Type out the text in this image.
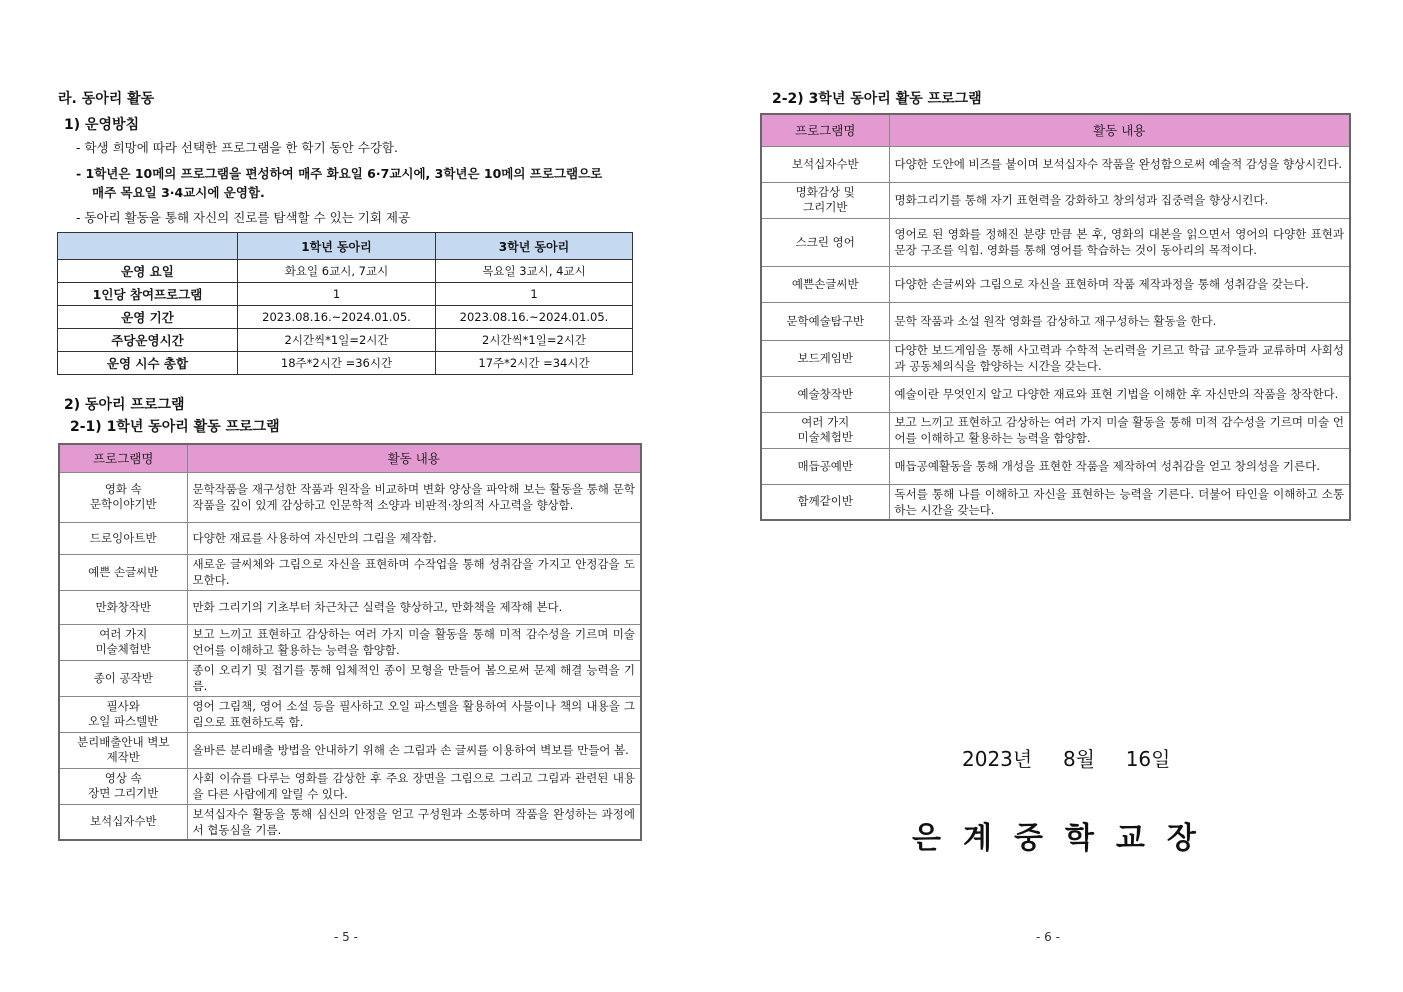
라. 동아리 활동
1) 운영방침
- 학생 희망에 따라 선택한 프로그램을 한 학기 동안 수강함.
- 1학년은 10메의 프로그램을 편성하여 매주 화요일 6·7교시에, 3학년은 10메의 프로그램으로
매주 목요일 3·4교시에 운영함.
- 동아리 활동을 통해 자신의 진로를 탐색할 수 있는 기회 제공
	1학년 동아리	3학년 동아리
운영 요일	화요일 6교시, 7교시	목요일 3교시, 4교시
1인당 참여프로그램	1	1
운영 기간	2023.08.16.~2024.01.05.	2023.08.16.~2024.01.05.
주당운영시간	2시간씩*1일=2시간	2시간씩*1일=2시간
운영 시수 총합	18주*2시간 =36시간	17주*2시간 =34시간
2) 동아리 프로그램
2-1) 1학년 동아리 활동 프로그램
프로그램명	활동 내용
영화 속
문학이야기반	문학작품을 재구성한 작품과 원작을 비교하며 변화 양상을 파악해 보는 활동을 통해 문학작품을 깊이 있게 감상하고 인문학적 소양과 비판적·창의적 사고력을 향상함.
드로잉아트반	다양한 재료를 사용하여 자신만의 그림을 제작함.
예쁜 손글씨반	새로운 글씨체와 그림으로 자신을 표현하며 수작업을 통해 성취감을 가지고 안정감을 도모한다.
만화창작반	만화 그리기의 기초부터 차근차근 실력을 향상하고, 만화책을 제작해 본다.
여러 가지
미술체험반	보고 느끼고 표현하고 감상하는 여러 가지 미술 활동을 통해 미적 감수성을 기르며 미술 언어를 이해하고 활용하는 능력을 함양함.
종이 공작반	종이 오리기 및 접기를 통해 입체적인 종이 모형을 만들어 봄으로써 문제 해결 능력을 기름.
필사와
오일 파스텔반	영어 그림책, 영어 소설 등을 필사하고 오일 파스텔을 활용하여 사물이나 책의 내용을 그림으로 표현하도록 함.
분리배출안내 벽보
제작반	올바른 분리배출 방법을 안내하기 위해 손 그림과 손 글씨를 이용하여 벽보를 만들어 봄.
영상 속
장면 그리기반	사회 이슈를 다루는 영화를 감상한 후 주요 장면을 그림으로 그리고 그림과 관련된 내용을 다른 사람에게 알릴 수 있다.
보석십자수반	보석십자수 활동을 통해 심신의 안정을 얻고 구성원과 소통하며 작품을 완성하는 과정에서 협동심을 기름.
- 5 -
2-2) 3학년 동아리 활동 프로그램
프로그램명	활동 내용
보석십자수반	다양한 도안에 비즈를 붙이며 보석십자수 작품을 완성함으로써 예술적 감성을 향상시킨다.
명화감상 및
그리기반	명화그리기를 통해 자기 표현력을 강화하고 창의성과 집중력을 향상시킨다.
스크린 영어	영어로 된 영화를 정해진 분량 만큼 본 후, 영화의 대본을 읽으면서 영어의 다양한 표현과 문장 구조를 익힘. 영화를 통해 영어를 학습하는 것이 동아리의 목적이다.
예쁜손글씨반	다양한 손글씨와 그림으로 자신을 표현하며 작품 제작과정을 통해 성취감을 갖는다.
문학예술탐구반	문학 작품과 소설 원작 영화를 감상하고 재구성하는 활동을 한다.
보드게임반	다양한 보드게임을 통해 사고력과 수학적 논리력을 기르고 학급 교우들과 교류하며 사회성과 공동체의식을 함양하는 시간을 갖는다.
예술창작반	예술이란 무엇인지 알고 다양한 재료와 표현 기법을 이해한 후 자신만의 작품을 창작한다.
여러 가지
미술체험반	보고 느끼고 표현하고 감상하는 여러 가지 미술 활동을 통해 미적 감수성을 기르며 미술 언어를 이해하고 활용하는 능력을 함양함.
매듭공예반	매듭공예활동을 통해 개성을 표현한 작품을 제작하여 성취감을 얻고 창의성을 기른다.
함께같이반	독서를 통해 나를 이해하고 자신을 표현하는 능력을 기른다. 더불어 타인을 이해하고 소통하는 시간을 갖는다.
2023년 8월 16일
은계중학교장
- 6 -
